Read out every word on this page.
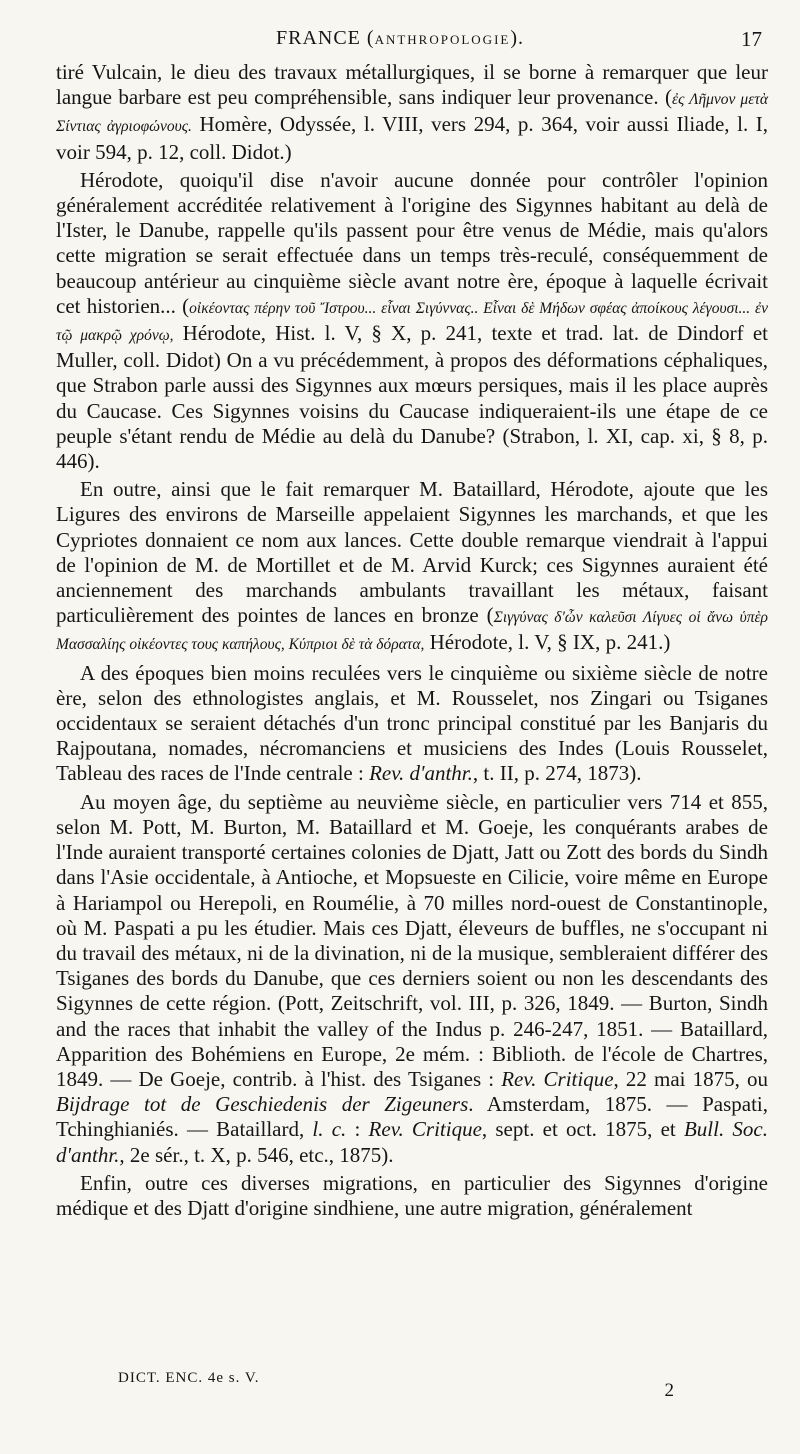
FRANCE (ANTHROPOLOGIE).	17

tiré Vulcain, le dieu des travaux métallurgiques, il se borne à remarquer que leur langue barbare est peu compréhensible, sans indiquer leur provenance. (ἐς Λῆμνον μετὰ Σίντιας ἀγριοφώνους. Homère, Odyssée, l. VIII, vers 294, p. 364, voir aussi Iliade, l. I, voir 594, p. 12, coll. Didot.)

Hérodote, quoiqu'il dise n'avoir aucune donnée pour contrôler l'opinion généralement accréditée relativement à l'origine des Sigynnes habitant au delà de l'Ister, le Danube, rappelle qu'ils passent pour être venus de Médie, mais qu'alors cette migration se serait effectuée dans un temps très-reculé, conséquemment de beaucoup antérieur au cinquième siècle avant notre ère, époque à laquelle écrivait cet historien... (οἰκέοντας πέρην τοῦ Ἴστρου... εἶναι Σιγύννας.. Εἶναι δὲ Μήδων σφέας ἀποίκους λέγουσι... ἐν τῷ μακρῷ χρόνῳ, Hérodote, Hist. l. V, § X, p. 241, texte et trad. lat. de Dindorf et Muller, coll. Didot) On a vu précédemment, à propos des déformations céphaliques, que Strabon parle aussi des Sigynnes aux mœurs persiques, mais il les place auprès du Caucase. Ces Sigynnes voisins du Caucase indiqueraient-ils une étape de ce peuple s'étant rendu de Médie au delà du Danube? (Strabon, l. XI, cap. xi, § 8, p. 446).

En outre, ainsi que le fait remarquer M. Bataillard, Hérodote, ajoute que les Ligures des environs de Marseille appelaient Sigynnes les marchands, et que les Cypriotes donnaient ce nom aux lances. Cette double remarque viendrait à l'appui de l'opinion de M. de Mortillet et de M. Arvid Kurck; ces Sigynnes auraient été anciennement des marchands ambulants travaillant les métaux, faisant particulièrement des pointes de lances en bronze (Σιγγύνας δ'ὦν καλεῦσι Λίγυες οἱ ἄνω ὑπὲρ Μασσαλίης οἰκέοντες τους καπήλους, Κύπριοι δὲ τὰ δόρατα, Hérodote, l. V, § IX, p. 241.)

A des époques bien moins reculées vers le cinquième ou sixième siècle de notre ère, selon des ethnologistes anglais, et M. Rousselet, nos Zingari ou Tsiganes occidentaux se seraient détachés d'un tronc principal constitué par les Banjaris du Rajpoutana, nomades, nécromanciens et musiciens des Indes (Louis Rousselet, Tableau des races de l'Inde centrale : Rev. d'anthr., t. II, p. 274, 1873).

Au moyen âge, du septième au neuvième siècle, en particulier vers 714 et 855, selon M. Pott, M. Burton, M. Bataillard et M. Goeje, les conquérants arabes de l'Inde auraient transporté certaines colonies de Djatt, Jatt ou Zott des bords du Sindh dans l'Asie occidentale, à Antioche, et Mopsueste en Cilicie, voire même en Europe à Hariampol ou Herepoli, en Roumélie, à 70 milles nord-ouest de Constantinople, où M. Paspati a pu les étudier. Mais ces Djatt, éleveurs de buffles, ne s'occupant ni du travail des métaux, ni de la divination, ni de la musique, sembleraient différer des Tsiganes des bords du Danube, que ces derniers soient ou non les descendants des Sigynnes de cette région. (Pott, Zeitschrift, vol. III, p. 326, 1849. — Burton, Sindh and the races that inhabit the valley of the Indus p. 246-247, 1851. — Bataillard, Apparition des Bohémiens en Europe, 2e mém. : Biblioth. de l'école de Chartres, 1849. — De Goeje, contrib. à l'hist. des Tsiganes : Rev. Critique, 22 mai 1875, ou Bijdrage tot de Geschiedenis der Zigeuners. Amsterdam, 1875. — Paspati, Tchinghianiés. — Bataillard, l. c. : Rev. Critique, sept. et oct. 1875, et Bull. Soc. d'anthr., 2e sér., t. X, p. 546, etc., 1875).

Enfin, outre ces diverses migrations, en particulier des Sigynnes d'origine médique et des Djatt d'origine sindhiene, une autre migration, généralement

DICT. ENC. 4e s. V.
2
